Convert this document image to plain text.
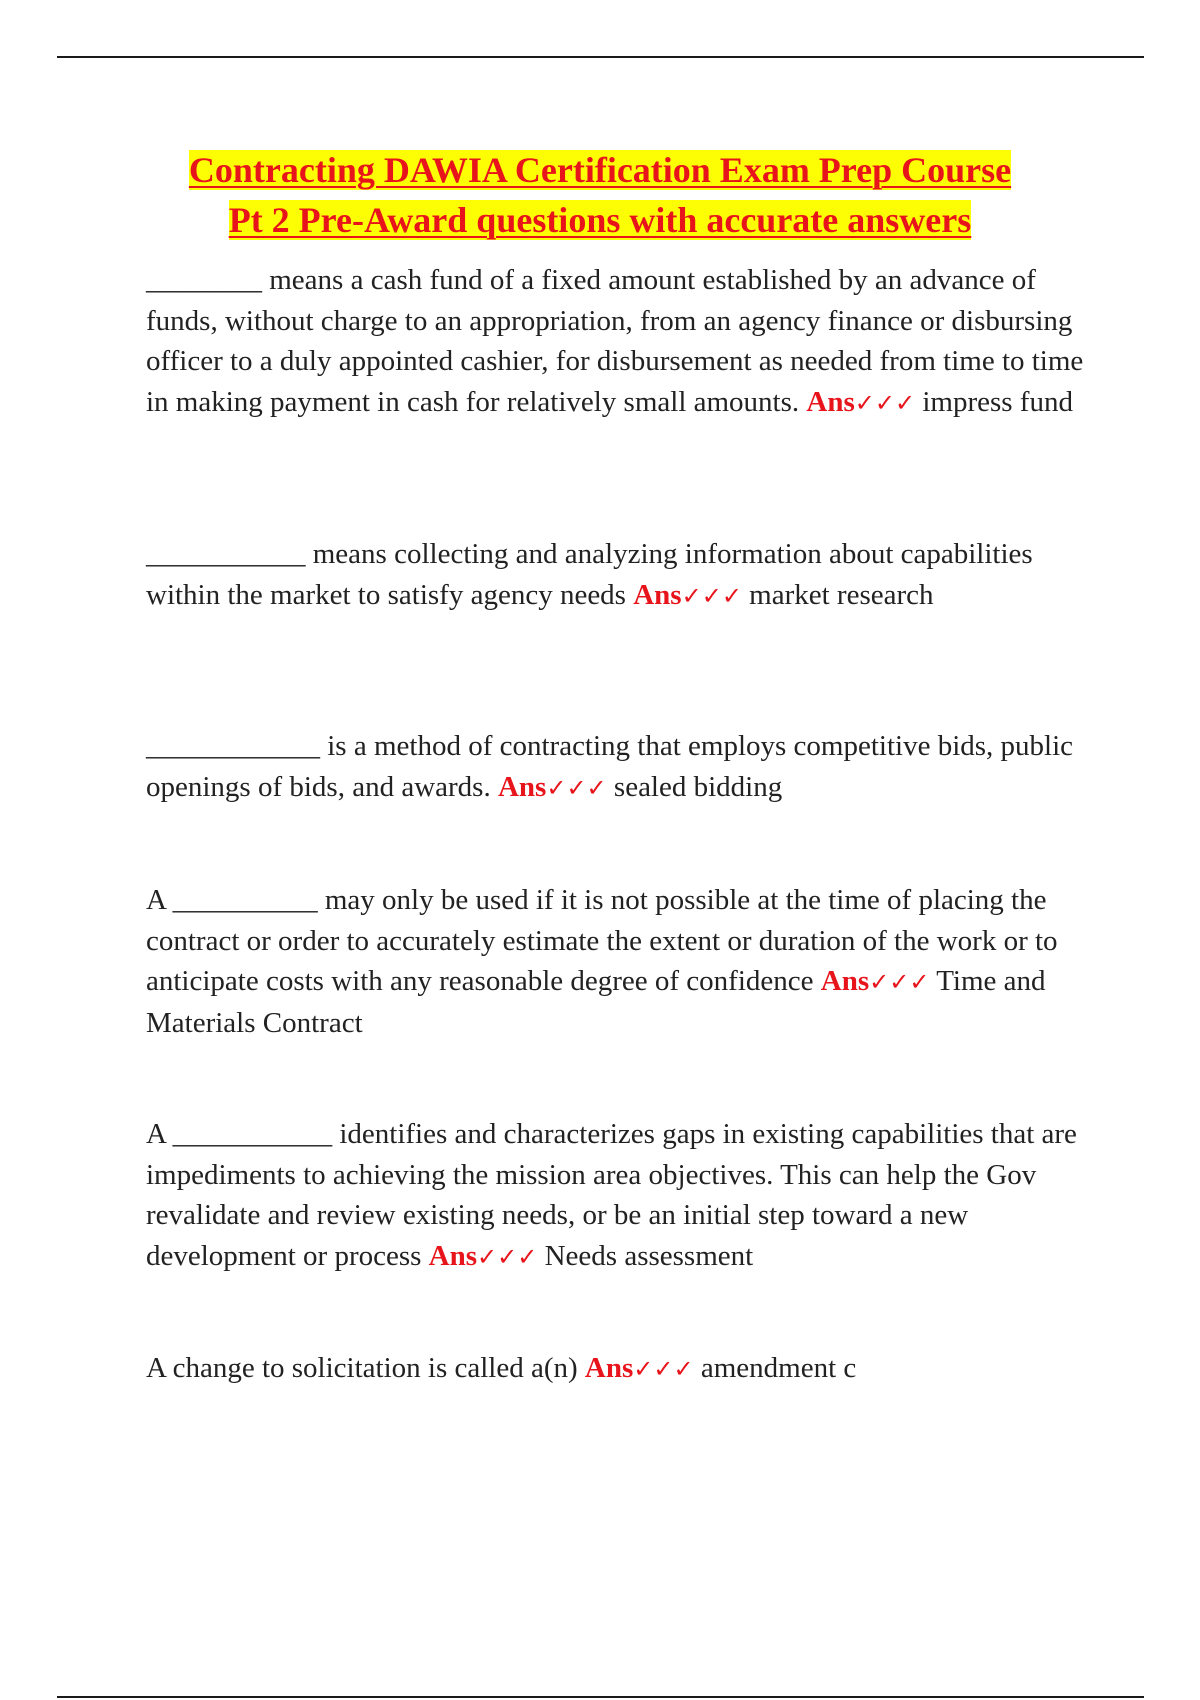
Contracting DAWIA Certification Exam Prep Course
Pt 2 Pre-Award questions with accurate answers

________ means a cash fund of a fixed amount established by an advance of funds, without charge to an appropriation, from an agency finance or disbursing officer to a duly appointed cashier, for disbursement as needed from time to time in making payment in cash for relatively small amounts. Ans✓✓✓ impress fund

___________ means collecting and analyzing information about capabilities within the market to satisfy agency needs Ans✓✓✓ market research

____________ is a method of contracting that employs competitive bids, public openings of bids, and awards. Ans✓✓✓ sealed bidding

A __________ may only be used if it is not possible at the time of placing the contract or order to accurately estimate the extent or duration of the work or to anticipate costs with any reasonable degree of confidence Ans✓✓✓ Time and Materials Contract

A ___________ identifies and characterizes gaps in existing capabilities that are impediments to achieving the mission area objectives. This can help the Gov revalidate and review existing needs, or be an initial step toward a new development or process Ans✓✓✓ Needs assessment

A change to solicitation is called a(n) Ans✓✓✓ amendment c
